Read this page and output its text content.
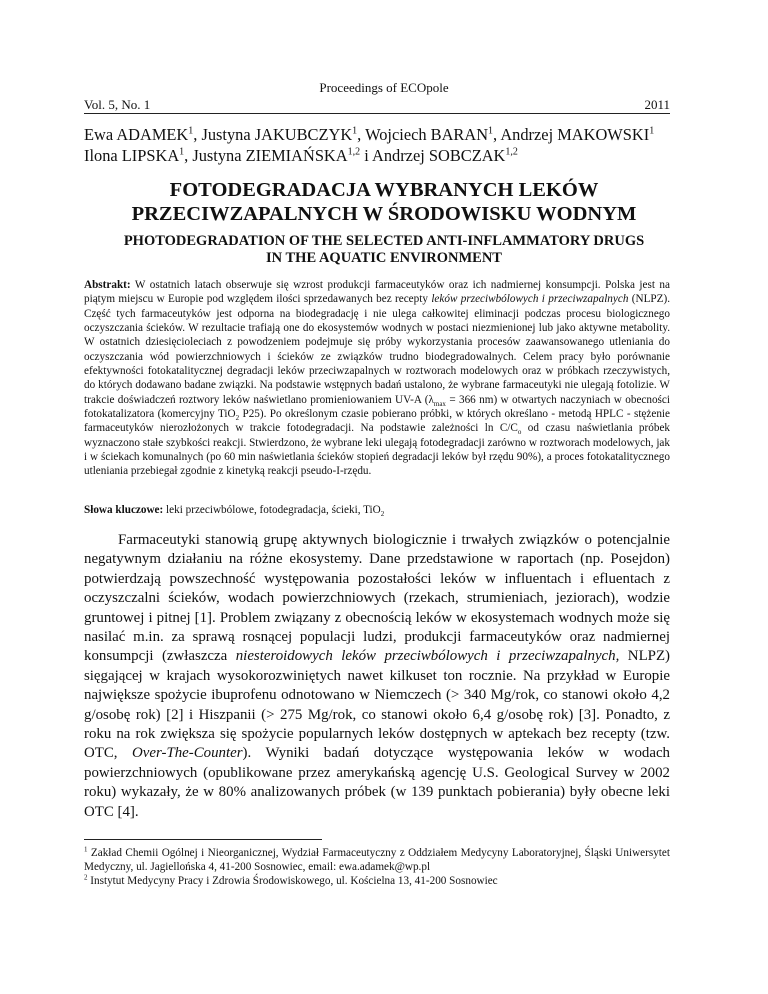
Proceedings of ECOpole
Vol. 5, No. 1	2011
Ewa ADAMEK$^1$, Justyna JAKUBCZYK$^1$, Wojciech BARAN$^1$, Andrzej MAKOWSKI$^1$
Ilona LIPSKA$^1$, Justyna ZIEMIAŃSKA$^{1,2}$ i Andrzej SOBCZAK$^{1,2}$
FOTODEGRADACJA WYBRANYCH LEKÓW
PRZECIWZAPALNYCH W ŚRODOWISKU WODNYM
PHOTODEGRADATION OF THE SELECTED ANTI-INFLAMMATORY DRUGS
IN THE AQUATIC ENVIRONMENT
Abstrakt: W ostatnich latach obserwuje się wzrost produkcji farmaceutyków oraz ich nadmiernej konsumpcji. Polska jest na piątym miejscu w Europie pod względem ilości sprzedawanych bez recepty leków przeciwbólowych i przeciwzapalnych (NLPZ). Część tych farmaceutyków jest odporna na biodegradację i nie ulega całkowitej eliminacji podczas procesu biologicznego oczyszczania ścieków. W rezultacie trafiają one do ekosystemów wodnych w postaci niezmienionej lub jako aktywne metabolity. W ostatnich dziesięcioleciach z powodzeniem podejmuje się próby wykorzystania procesów zaawansowanego utleniania do oczyszczania wód powierzchniowych i ścieków ze związków trudno biodegradowalnych. Celem pracy było porównanie efektywności fotokatalitycznej degradacji leków przeciwzapalnych w roztworach modelowych oraz w próbkach rzeczywistych, do których dodawano badane związki. Na podstawie wstępnych badań ustalono, że wybrane farmaceutyki nie ulegają fotolizie. W trakcie doświadczeń roztwory leków naświetlano promieniowaniem UV-A ($\lambda_{max} = 366$ nm) w otwartych naczyniach w obecności fotokatalizatora (komercyjny TiO$_2$ P25). Po określonym czasie pobierano próbki, w których określano - metodą HPLC - stężenie farmaceutyków nierozłożonych w trakcie fotodegradacji. Na podstawie zależności $\ln C/C_o$ od czasu naświetlania próbek wyznaczono stałe szybkości reakcji. Stwierdzono, że wybrane leki ulegają fotodegradacji zarówno w roztworach modelowych, jak i w ściekach komunalnych (po 60 min naświetlania ścieków stopień degradacji leków był rzędu 90%), a proces fotokatalitycznego utleniania przebiegał zgodnie z kinetyką reakcji pseudo-I-rzędu.
Słowa kluczowe: leki przeciwbólowe, fotodegradacja, ścieki, TiO$_2$
Farmaceutyki stanowią grupę aktywnych biologicznie i trwałych związków o potencjalnie negatywnym działaniu na różne ekosystemy. Dane przedstawione w raportach (np. Posejdon) potwierdzają powszechność występowania pozostałości leków w influentach i efluentach z oczyszczalni ścieków, wodach powierzchniowych (rzekach, strumieniach, jeziorach), wodzie gruntowej i pitnej [1]. Problem związany z obecnością leków w ekosystemach wodnych może się nasilać m.in. za sprawą rosnącej populacji ludzi, produkcji farmaceutyków oraz nadmiernej konsumpcji (zwłaszcza niesteroidowych leków przeciwbólowych i przeciwzapalnych, NLPZ) sięgającej w krajach wysokorozwiniętych nawet kilkuset ton rocznie. Na przykład w Europie największe spożycie ibuprofenu odnotowano w Niemczech (> 340 Mg/rok, co stanowi około 4,2 g/osobę rok) [2] i Hiszpanii (> 275 Mg/rok, co stanowi około 6,4 g/osobę rok) [3]. Ponadto, z roku na rok zwiększa się spożycie popularnych leków dostępnych w aptekach bez recepty (tzw. OTC, Over-The-Counter). Wyniki badań dotyczące występowania leków w wodach powierzchniowych (opublikowane przez amerykańską agencję U.S. Geological Survey w 2002 roku) wykazały, że w 80% analizowanych próbek (w 139 punktach pobierania) były obecne leki OTC [4].
$^1$ Zakład Chemii Ogólnej i Nieorganicznej, Wydział Farmaceutyczny z Oddziałem Medycyny Laboratoryjnej, Śląski Uniwersytet Medyczny, ul. Jagiellońska 4, 41-200 Sosnowiec, email: ewa.adamek@wp.pl
$^2$ Instytut Medycyny Pracy i Zdrowia Środowiskowego, ul. Kościelna 13, 41-200 Sosnowiec
